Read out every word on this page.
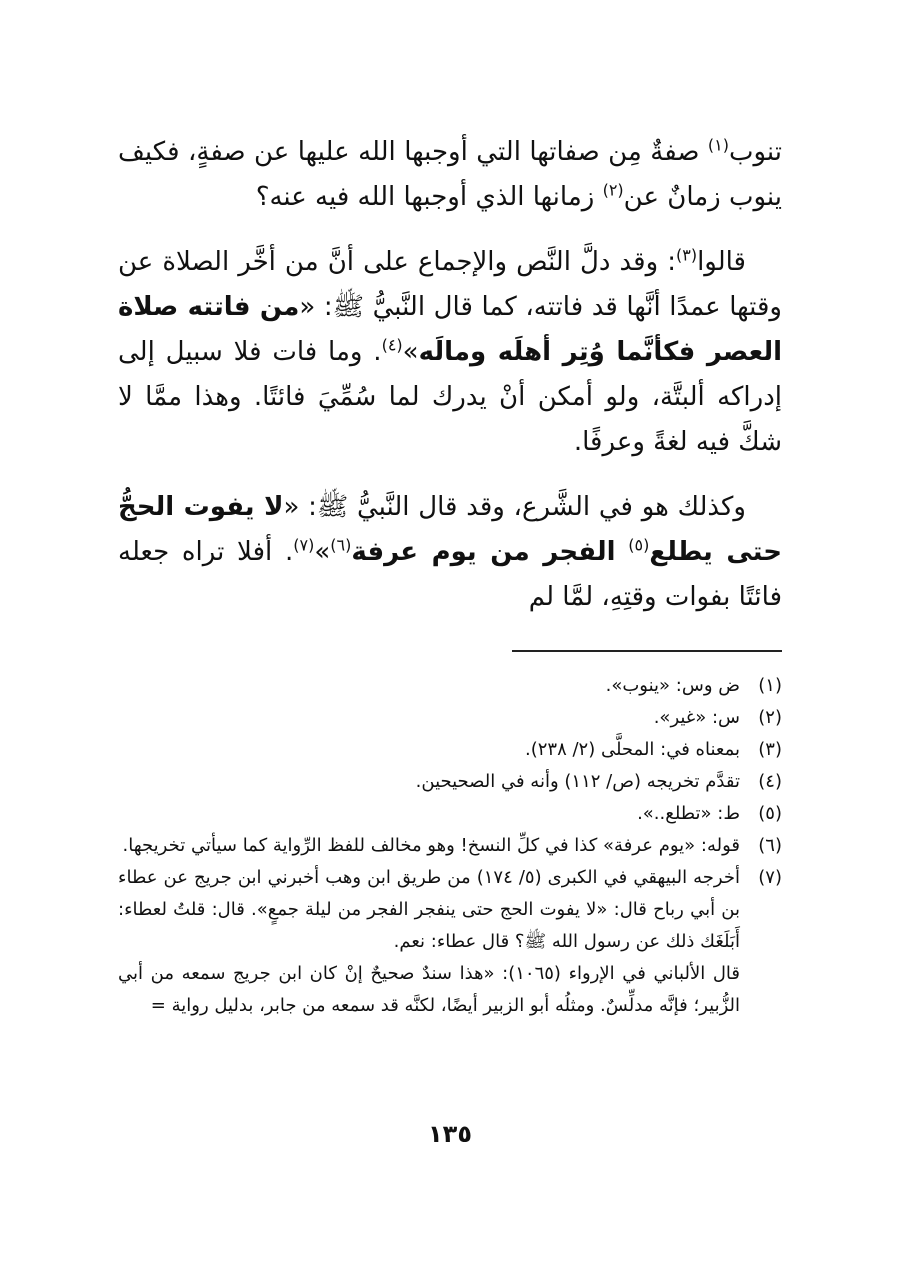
تنوب$^{(١)}$ صفةٌ مِن صفاتها التي أوجبها الله عليها عن صفةٍ، فكيف ينوب زمانٌ عن$^{(٢)}$ زمانها الذي أوجبها الله فيه عنه؟

قالوا$^{(٣)}$: وقد دلَّ النَّص والإجماع على أنَّ من أخَّر الصلاة عن وقتها عمدًا أنَّها قد فاتته، كما قال النَّبيُّ ﷺ: «من فاتته صلاة العصر فكأنَّما وُتِر أهلَه ومالَه»$^{(٤)}$. وما فات فلا سبيل إلى إدراكه ألبتَّة، ولو أمكن أنْ يدرك لما سُمِّيَ فائتًا. وهذا ممَّا لا شكَّ فيه لغةً وعرفًا.

وكذلك هو في الشَّرع، وقد قال النَّبيُّ ﷺ: «لا يفوت الحجُّ حتى يطلع$^{(٥)}$ الفجر من يوم عرفة$^{(٦)}$»$^{(٧)}$. أفلا تراه جعله فائتًا بفوات وقتِهِ، لمَّا لم

(١)
ض وس: «ينوب».
(٢)
س: «غير».
(٣)
بمعناه في: المحلَّى (٢/ ٢٣٨).
(٤)
تقدَّم تخريجه (ص/ ١١٢) وأنه في الصحيحين.
(٥)
ط: «تطلع..».
(٦)
قوله: «يوم عرفة» كذا في كلِّ النسخ! وهو مخالف للفظ الرِّواية كما سيأتي تخريجها.
(٧)
أخرجه البيهقي في الكبرى (٥/ ١٧٤) من طريق ابن وهب أخبرني ابن جريج عن عطاء بن أبي رباح قال: «لا يفوت الحج حتى ينفجر الفجر من ليلة جمعٍ». قال: قلتُ لعطاء: أَبَلَغَك ذلك عن رسول الله ﷺ؟ قال عطاء: نعم.
قال الألباني في الإرواء (١٠٦٥): «هذا سندٌ صحيحٌ إنْ كان ابن جريج سمعه من أبي الزُّبير؛ فإنَّه مدلِّسٌ. ومثلُه أبو الزبير أيضًا، لكنَّه قد سمعه من جابر، بدليل رواية =
١٣٥
